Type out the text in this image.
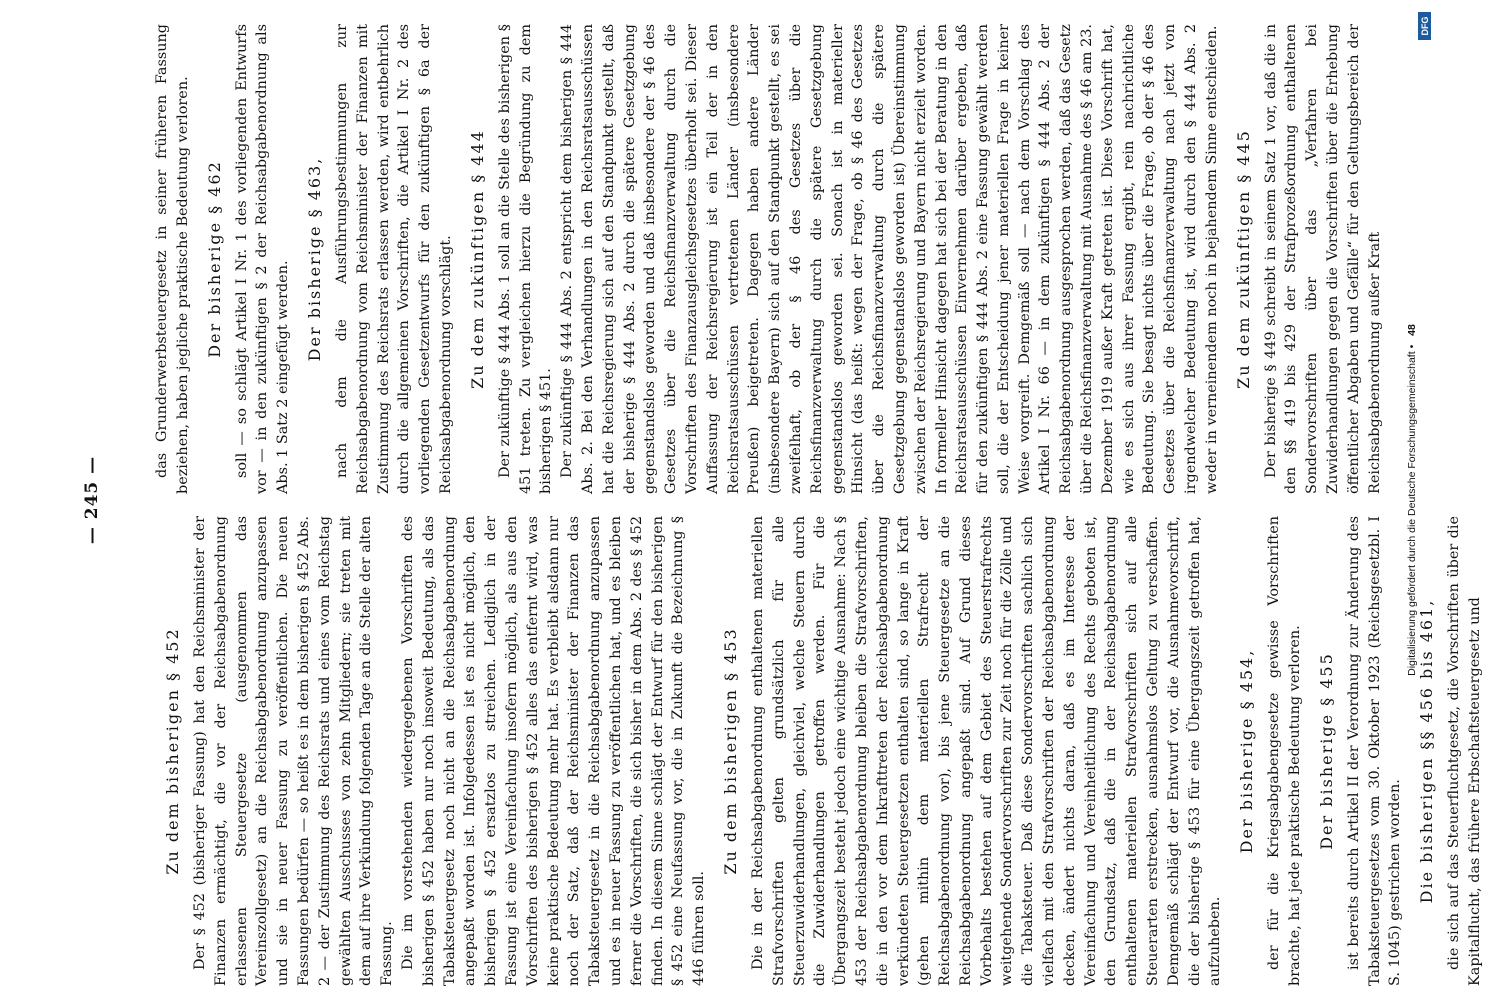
— 245 —
Zu dem bisherigen § 452 Der § 452 (bisheriger Fassung) hat den Reichsminister der Finanzen ermächtigt, die vor der Reichsabgabenordnung erlassenen Steuergesetze (ausgenommen das Vereinszollgesetz) an die Reichsabgabenordnung anzupassen und sie in neuer Fassung zu veröffentlichen. Die neuen Fassungen bedürfen — so heißt es in dem bisherigen § 452 Abs. 2 — der Zustimmung des Reichsrats und eines vom Reichstag gewählten Ausschusses von zehn Mitgliedern; sie treten mit dem auf ihre Verkündung folgenden Tage an die Stelle der alten Fassung. Die im vorstehenden wiedergegebenen Vorschriften des bisherigen § 452 haben nur noch insoweit Bedeutung, als das Tabaksteuergesetz noch nicht an die Reichsabgabenordnung angepaßt worden ist. Infolgedessen ist es nicht möglich, den bisherigen § 452 ersatzlos zu streichen. Lediglich in der Fassung ist eine Vereinfachung insofern möglich, als aus den Vorschriften des bisherigen § 452 alles das entfernt wird, was keine praktische Bedeutung mehr hat. Es verbleibt alsdann nur noch der Satz, daß der Reichsminister der Finanzen das Tabaksteuergesetz in die Reichsabgabenordnung anzupassen und es in neuer Fassung zu veröffentlichen hat, und es bleiben ferner die Vorschriften, die sich bisher in dem Abs. 2 des § 452 finden. In diesem Sinne schlägt der Entwurf für den bisherigen § 452 eine Neufassung vor, die in Zukunft die Bezeichnung § 446 führen soll.

Zu dem bisherigen § 453 Die in der Reichsabgabenordnung enthaltenen materiellen Strafvorschriften gelten grundsätzlich für alle Steuerzuwiderhandlungen, gleichviel, welche Steuern durch die Zuwiderhandlungen getroffen werden. Für die Übergangszeit besteht jedoch eine wichtige Ausnahme: Nach § 453 der Reichsabgabenordnung bleiben die Strafvorschriften, die in den vor dem Inkrafttreten der Reichsabgabenordnung verkündeten Steuergesetzen enthalten sind, so lange in Kraft (gehen mithin dem materiellen Strafrecht der Reichsabgabenordnung vor), bis jene Steuergesetze an die Reichsabgabenordnung angepaßt sind. Auf Grund dieses Vorbehalts bestehen auf dem Gebiet des Steuerstrafrechts weitgehende Sondervorschriften zur Zeit noch für die Zölle und die Tabaksteuer. Daß diese Sondervorschriften sachlich sich vielfach mit den Strafvorschriften der Reichsabgabenordnung decken, ändert nichts daran, daß es im Interesse der Vereinfachung und Vereinheitlichung des Rechts geboten ist, den Grundsatz, daß die in der Reichsabgabenordnung enthaltenen materiellen Strafvorschriften sich auf alle Steuerarten erstrecken, ausnahmslos Geltung zu verschaffen. Demgemäß schlägt der Entwurf vor, die Ausnahmevorschrift, die der bisherige § 453 für eine Übergangszeit getroffen hat, aufzuheben.

Der bisherige § 454, der für die Kriegsabgabengesetze gewisse Vorschriften brachte, hat jede praktische Bedeutung verloren. Der bisherige § 455 ist bereits durch Artikel II der Verordnung zur Änderung des Tabaksteuergesetzes vom 30. Oktober 1923 (Reichsgesetzbl. I S. 1045) gestrichen worden. Die bisherigen §§ 456 bis 461, die sich auf das Steuerfluchtgesetz, die Vorschriften über die Kapitalflucht, das frühere Erbschaftsteuergesetz und

das Grunderwerbsteuergesetz in seiner früheren Fassung beziehen, haben jegliche praktische Bedeutung verloren. Der bisherige § 462 soll — so schlägt Artikel I Nr. 1 des vorliegenden Entwurfs vor — in den zukünftigen § 2 der Reichsabgabenordnung als Abs. 1 Satz 2 eingefügt werden.

Der bisherige § 463, nach dem die Ausführungsbestimmungen zur Reichsabgabenordnung vom Reichsminister der Finanzen mit Zustimmung des Reichsrats erlassen werden, wird entbehrlich durch die allgemeinen Vorschriften, die Artikel I Nr. 2 des vorliegenden Gesetzentwurfs für den zukünftigen § 6a der Reichsabgabenordnung vorschlägt. Zu dem zukünftigen § 444 Der zukünftige § 444 Abs. 1 soll an die Stelle des bisherigen § 451 treten. Zu vergleichen hierzu die Begründung zu dem bisherigen § 451. Der zukünftige § 444 Abs. 2 entspricht dem bisherigen § 444 Abs. 2. Bei den Verhandlungen in den Reichsratsausschüssen hat die Reichsregierung sich auf den Standpunkt gestellt, daß der bisherige § 444 Abs. 2 durch die spätere Gesetzgebung gegenstandslos geworden und daß insbesondere der § 46 des Gesetzes über die Reichsfinanzverwaltung durch die Vorschriften des Finanzausgleichsgesetzes überholt sei. Dieser Auffassung der Reichsregierung ist ein Teil der in den Reichsratsausschüssen vertretenen Länder (insbesondere Preußen) beigetreten. Dagegen haben andere Länder (insbesondere Bayern) sich auf den Standpunkt gestellt, es sei zweifelhaft, ob der § 46 des Gesetzes über die Reichsfinanzverwaltung durch die spätere Gesetzgebung gegenstandslos geworden sei. Sonach ist in materieller Hinsicht (das heißt: wegen der Frage, ob § 46 des Gesetzes über die Reichsfinanzverwaltung durch die spätere Gesetzgebung gegenstandslos geworden ist) Übereinstimmung zwischen der Reichsregierung und Bayern nicht erzielt worden. In formeller Hinsicht dagegen hat sich bei der Beratung in den Reichsratsausschüssen Einvernehmen darüber ergeben, daß für den zukünftigen § 444 Abs. 2 eine Fassung gewählt werden soll, die der Entscheidung jener materiellen Frage in keiner Weise vorgreift. Demgemäß soll — nach dem Vorschlag des Artikel I Nr. 66 — in dem zukünftigen § 444 Abs. 2 der Reichsabgabenordnung ausgesprochen werden, daß das Gesetz über die Reichsfinanzverwaltung mit Ausnahme des § 46 am 23. Dezember 1919 außer Kraft getreten ist. Diese Vorschrift hat, wie es sich aus ihrer Fassung ergibt, rein nachrichtliche Bedeutung. Sie besagt nichts über die Frage, ob der § 46 des Gesetzes über die Reichsfinanzverwaltung nach jetzt von irgendwelcher Bedeutung ist, wird durch den § 444 Abs. 2 weder in verneinendem noch in bejahendem Sinne entschieden. Zu dem zukünftigen § 445 Der bisherige § 449 schreibt in seinem Satz 1 vor, daß die in den §§ 419 bis 429 der Strafprozeßordnung enthaltenen Sondervorschriften über das „Verfahren bei Zuwiderhandlungen gegen die Vorschriften über die Erhebung öffentlicher Abgaben und Gefälle“ für den Geltungsbereich der Reichsabgabenordnung außer Kraft Digitalisierung gefördert durch die Deutsche Forschungsgemeinschaft • 48
DFG
